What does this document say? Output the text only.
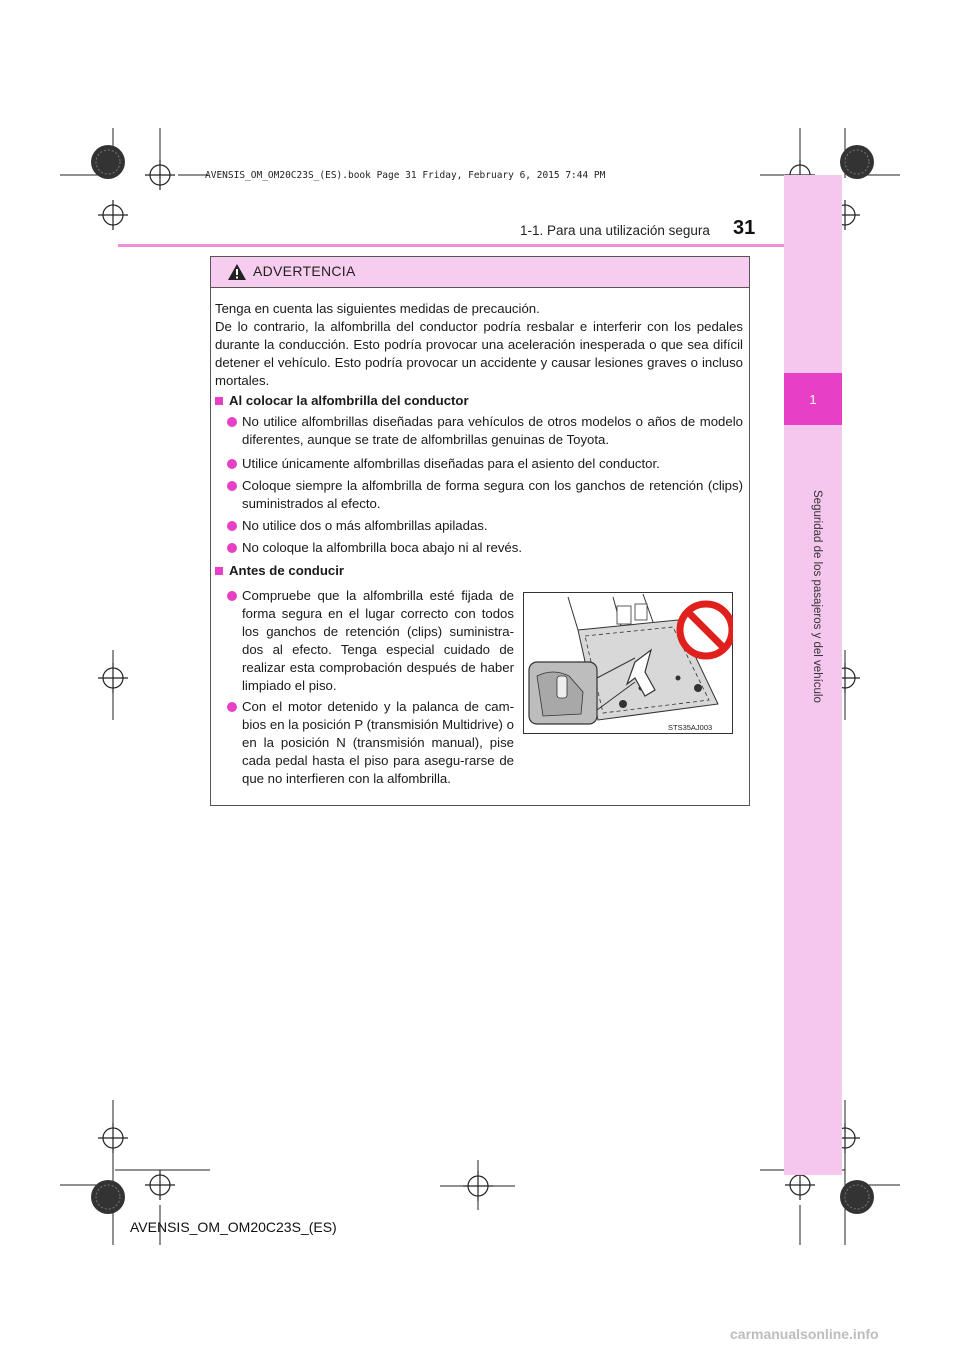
1
Seguridad de los pasajeros y del vehículo
AVENSIS_OM_OM20C23S_(ES).book Page 31 Friday, February 6, 2015 7:44 PM
1-1. Para una utilización segura 31
ADVERTENCIA
Tenga en cuenta las siguientes medidas de precaución.
De lo contrario, la alfombrilla del conductor podría resbalar e interferir con los pedales durante la conducción. Esto podría provocar una aceleración inesperada o que sea difícil detener el vehículo. Esto podría provocar un accidente y causar lesiones graves o incluso mortales.
Al colocar la alfombrilla del conductor
No utilice alfombrillas diseñadas para vehículos de otros modelos o años de modelo diferentes, aunque se trate de alfombrillas genuinas de Toyota.
Utilice únicamente alfombrillas diseñadas para el asiento del conductor.
Coloque siempre la alfombrilla de forma segura con los ganchos de retención (clips) suministrados al efecto.
No utilice dos o más alfombrillas apiladas.
No coloque la alfombrilla boca abajo ni al revés.
Antes de conducir
Compruebe que la alfombrilla esté fijada de forma segura en el lugar correcto con todos los ganchos de retención (clips) suministra-dos al efecto. Tenga especial cuidado de realizar esta comprobación después de haber limpiado el piso.
Con el motor detenido y la palanca de cam-bios en la posición P (transmisión Multidrive) o en la posición N (transmisión manual), pise cada pedal hasta el piso para asegu-rarse de que no interfieren con la alfombrilla.
STS35AJ003
AVENSIS_OM_OM20C23S_(ES)
carmanualsonline.info
